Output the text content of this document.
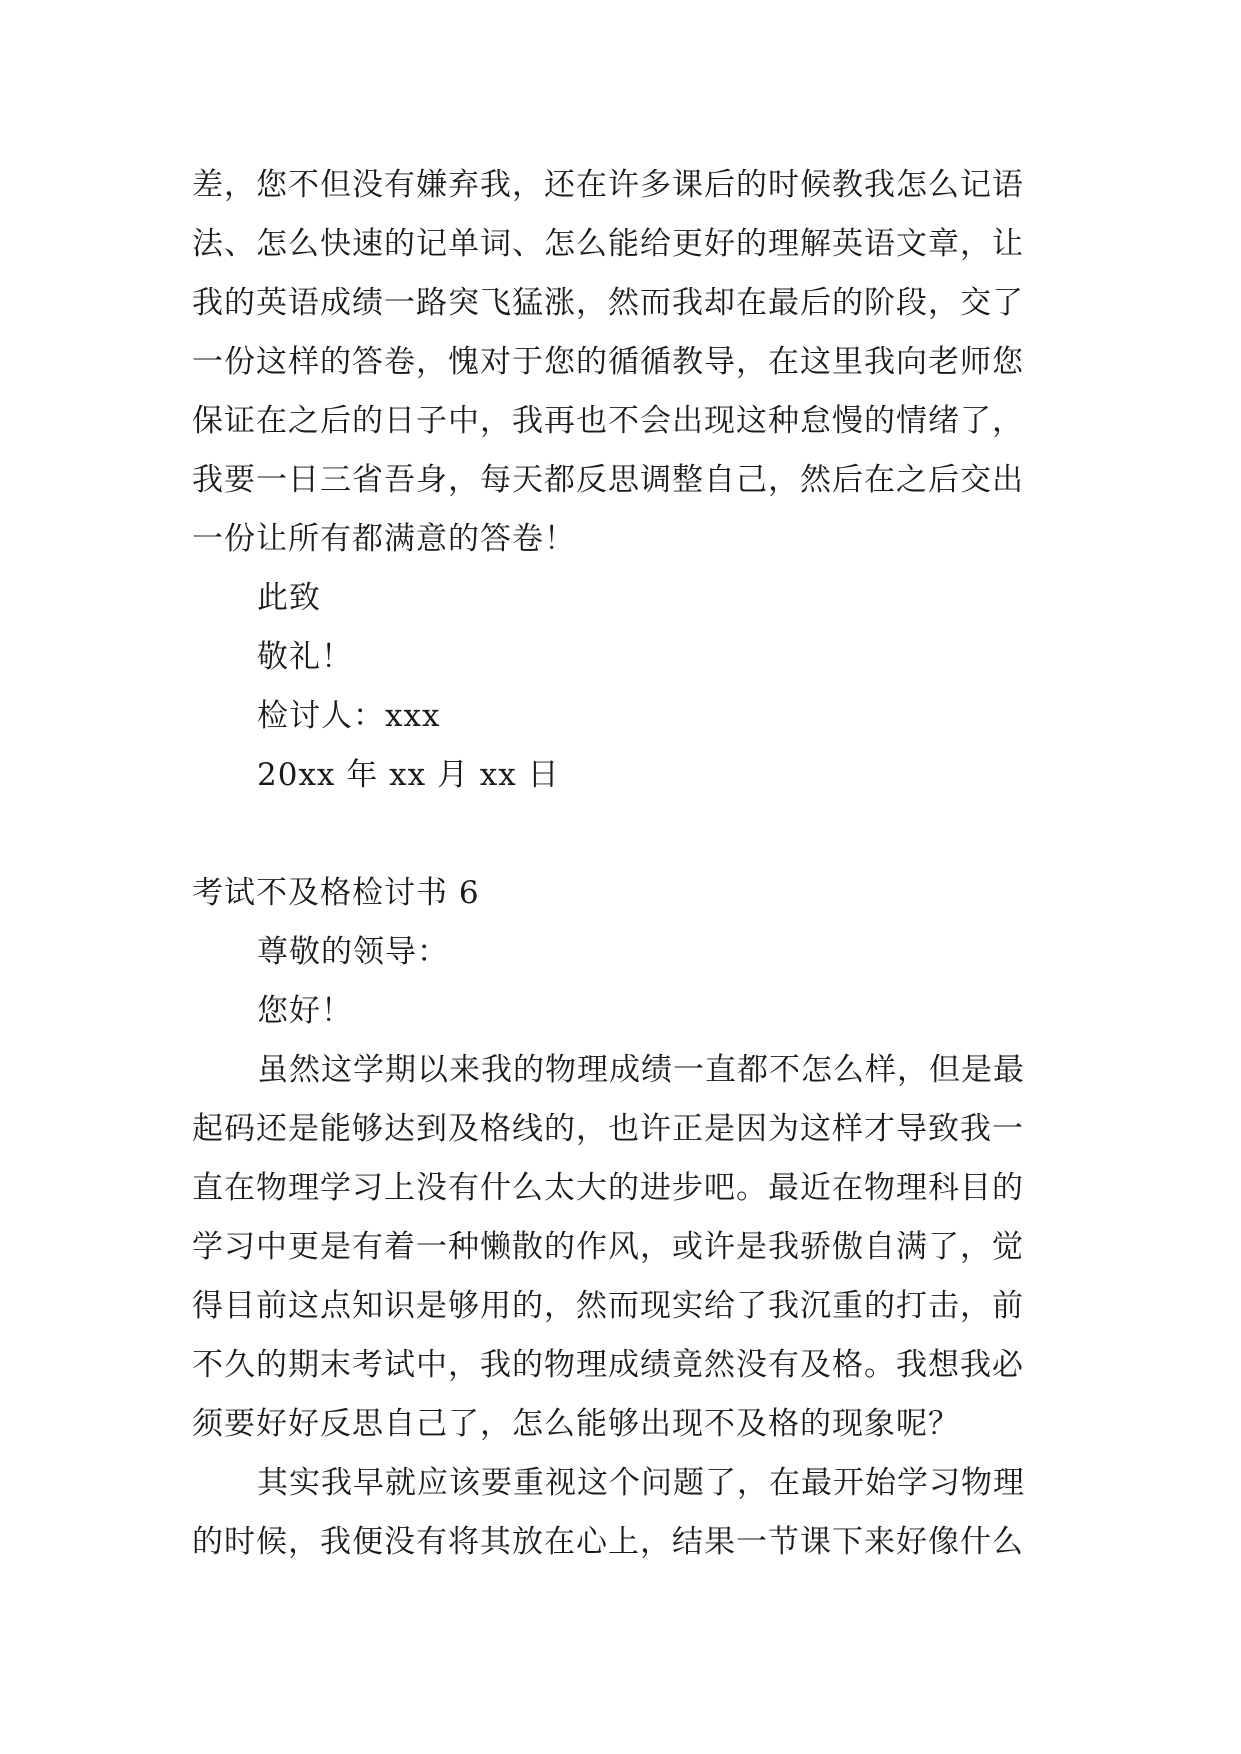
差，您不但没有嫌弃我，还在许多课后的时候教我怎么记语
法、怎么快速的记单词、怎么能给更好的理解英语文章，让
我的英语成绩一路突飞猛涨，然而我却在最后的阶段，交了
一份这样的答卷，愧对于您的循循教导，在这里我向老师您
保证在之后的日子中，我再也不会出现这种怠慢的情绪了，
我要一日三省吾身，每天都反思调整自己，然后在之后交出
一份让所有都满意的答卷！
此致
敬礼！
检讨人：xxx
20xx 年 xx 月 xx 日
考试不及格检讨书 6
尊敬的领导：
您好！
虽然这学期以来我的物理成绩一直都不怎么样，但是最
起码还是能够达到及格线的，也许正是因为这样才导致我一
直在物理学习上没有什么太大的进步吧。最近在物理科目的
学习中更是有着一种懒散的作风，或许是我骄傲自满了，觉
得目前这点知识是够用的，然而现实给了我沉重的打击，前
不久的期末考试中，我的物理成绩竟然没有及格。我想我必
须要好好反思自己了，怎么能够出现不及格的现象呢？
其实我早就应该要重视这个问题了，在最开始学习物理
的时候，我便没有将其放在心上，结果一节课下来好像什么
